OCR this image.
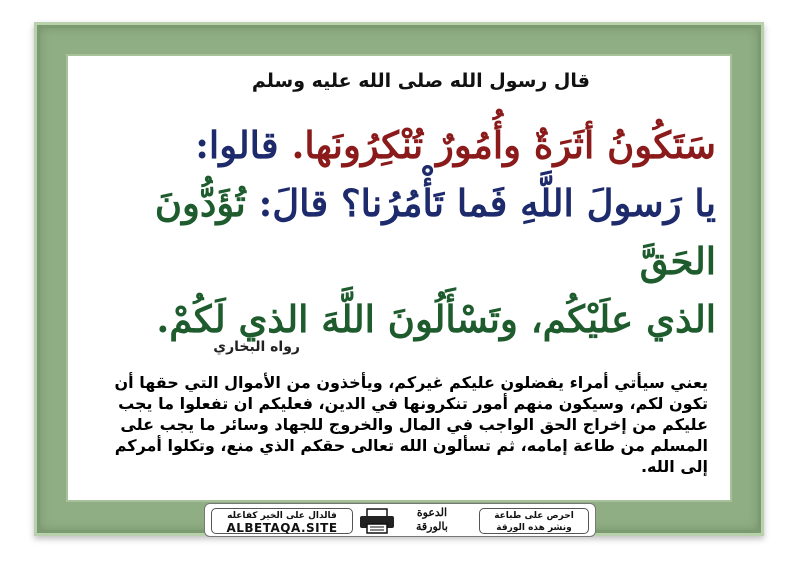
قال رسول الله صلى الله عليه وسلم
سَتَكُونُ أثَرَةٌ وأُمُورٌ تُنْكِرُونَها. قالوا:
يا رَسولَ اللَّهِ فَما تَأْمُرُنا؟ قالَ: تُؤَدُّونَ الحَقَّ
الذي علَيْكُم، وتَسْأَلُونَ اللَّهَ الذي لَكُمْ.
رواه البخاري
يعني سيأتي أمراء يفضلون عليكم غيركم، ويأخذون من الأموال التي حقها أن تكون لكم، وسيكون منهم أمور تنكرونها في الدين، فعليكم ان تفعلوا ما يجب عليكم من إخراج الحق الواجب في المال والخروج للجهاد وسائر ما يجب على المسلم من طاعة إمامه، ثم تسألون الله تعالى حقكم الذي منع، وتكلوا أمركم إلى الله.
فالدال على الخير كفاعله
ALBETAQA.SITE
الدعوة
بالورقة
احرص على طباعة
ونشر هذه الورقة
